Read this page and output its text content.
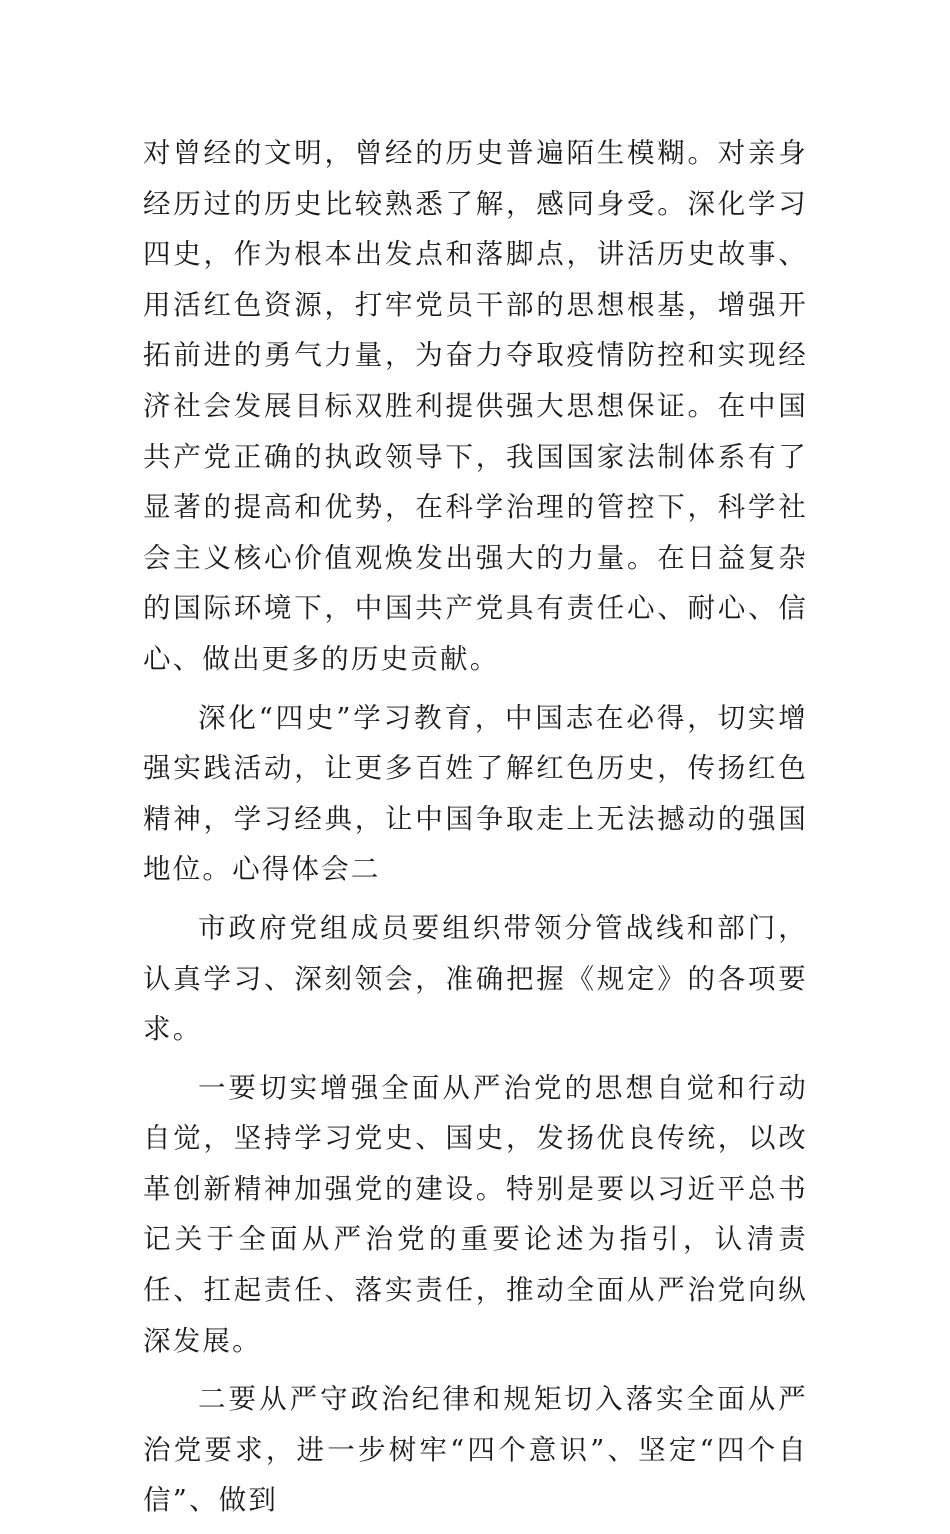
对曾经的文明，曾经的历史普遍陌生模糊。对亲身经历过的历史比较熟悉了解，感同身受。深化学习四史，作为根本出发点和落脚点，讲活历史故事、用活红色资源，打牢党员干部的思想根基，增强开拓前进的勇气力量，为奋力夺取疫情防控和实现经济社会发展目标双胜利提供强大思想保证。在中国共产党正确的执政领导下，我国国家法制体系有了显著的提高和优势，在科学治理的管控下，科学社会主义核心价值观焕发出强大的力量。在日益复杂的国际环境下，中国共产党具有责任心、耐心、信心、做出更多的历史贡献。

深化“四史”学习教育，中国志在必得，切实增强实践活动，让更多百姓了解红色历史，传扬红色精神，学习经典，让中国争取走上无法撼动的强国地位。心得体会二

市政府党组成员要组织带领分管战线和部门，认真学习、深刻领会，准确把握《规定》的各项要求。

一要切实增强全面从严治党的思想自觉和行动自觉，坚持学习党史、国史，发扬优良传统，以改革创新精神加强党的建设。特别是要以习近平总书记关于全面从严治党的重要论述为指引，认清责任、扛起责任、落实责任，推动全面从严治党向纵深发展。

二要从严守政治纪律和规矩切入落实全面从严治党要求，进一步树牢“四个意识”、坚定“四个自信”、做到
